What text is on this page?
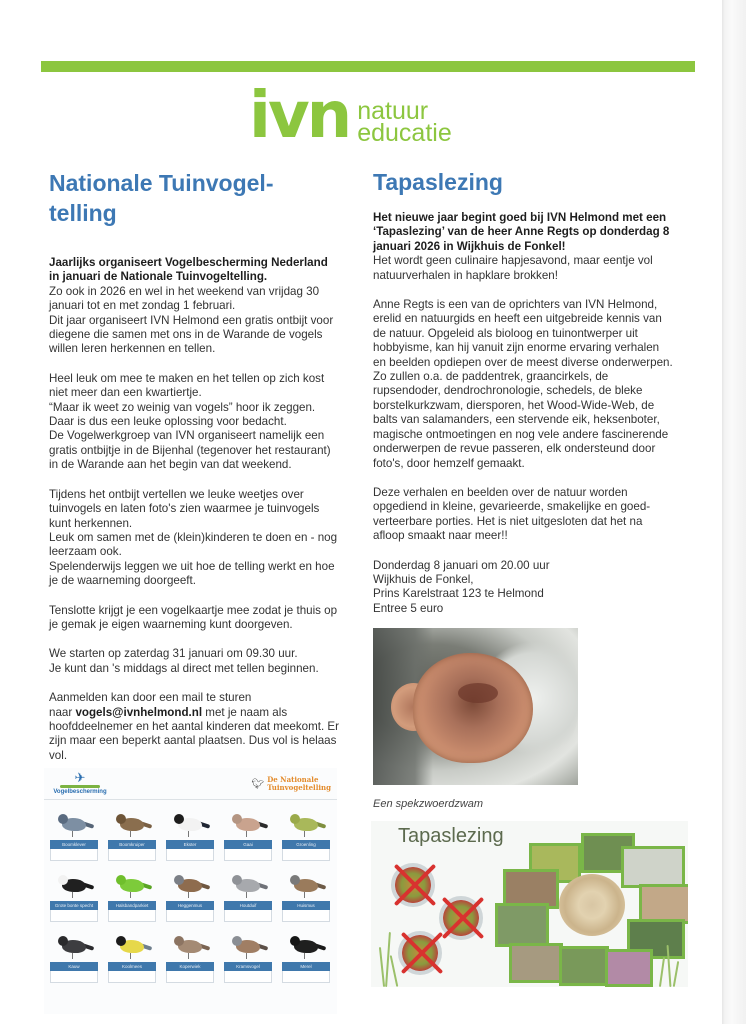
ivn natuur
educatie
Nationale Tuinvogel-
telling
Jaarlijks organiseert Vogelbescherming Nederland
in januari de Nationale Tuinvogeltelling.
Zo ook in 2026 en wel in het weekend van vrijdag 30
januari tot en met zondag 1 februari.
Dit jaar organiseert IVN Helmond een gratis ontbijt voor
diegene die samen met ons in de Warande de vogels
willen leren herkennen en tellen.
Heel leuk om mee te maken en het tellen op zich kost
niet meer dan een kwartiertje.
“Maar ik weet zo weinig van vogels” hoor ik zeggen.
Daar is dus een leuke oplossing voor bedacht.
De Vogelwerkgroep van IVN organiseert namelijk een
gratis ontbijtje in de Bijenhal (tegenover het restaurant)
in de Warande aan het begin van dat weekend.
Tijdens het ontbijt vertellen we leuke weetjes over
tuinvogels en laten foto's zien waarmee je tuinvogels
kunt herkennen.
Leuk om samen met de (klein)kinderen te doen en - nog
leerzaam ook.
Spelenderwijs leggen we uit hoe de telling werkt en hoe
je de waarneming doorgeeft.
Tenslotte krijgt je een vogelkaartje mee zodat je thuis op
je gemak je eigen waarneming kunt doorgeven.
We starten op zaterdag 31 januari om 09.30 uur.
Je kunt dan 's middags al direct met tellen beginnen.
Aanmelden kan door een mail te sturen
naar vogels@ivnhelmond.nl met je naam als
hoofddeelnemer en het aantal kinderen dat meekomt. Er
zijn maar een beperkt aantal plaatsen. Dus vol is helaas
vol.
✈
Vogelbescherming
🐦︎ De Nationale
Tuinvogeltelling
Boomklever	Boomkruiper	Ekster	Gaai	Groenling
Grote bonte specht	Halsbandparkiet	Heggenmus	Houtduif	Huismus
Kauw	Koolmees	Koperwiek	Kramsvogel	Merel
Tapaslezing
Het nieuwe jaar begint goed bij IVN Helmond met een
‘Tapaslezing’ van de heer Anne Regts op donderdag 8
januari 2026 in Wijkhuis de Fonkel!
Het wordt geen culinaire hapjesavond, maar eentje vol
natuurverhalen in hapklare brokken!
Anne Regts is een van de oprichters van IVN Helmond,
erelid en natuurgids en heeft een uitgebreide kennis van
de natuur. Opgeleid als bioloog en tuinontwerper uit
hobbyisme, kan hij vanuit zijn enorme ervaring verhalen
en beelden opdiepen over de meest diverse onderwerpen.
Zo zullen o.a. de paddentrek, graancirkels, de
rupsendoder, dendrochronologie, schedels, de bleke
borstelkurkzwam, diersporen, het Wood-Wide-Web, de
balts van salamanders, een stervende eik, heksenboter,
magische ontmoetingen en nog vele andere fascinerende
onderwerpen de revue passeren, elk ondersteund door
foto's, door hemzelf gemaakt.
Deze verhalen en beelden over de natuur worden
opgediend in kleine, gevarieerde, smakelijke en goed-
verteerbare porties. Het is niet uitgesloten dat het na
afloop smaakt naar meer!!
Donderdag 8 januari om 20.00 uur
Wijkhuis de Fonkel,
Prins Karelstraat 123 te Helmond
Entree 5 euro
Een spekzwoerdzwam
Tapaslezing
